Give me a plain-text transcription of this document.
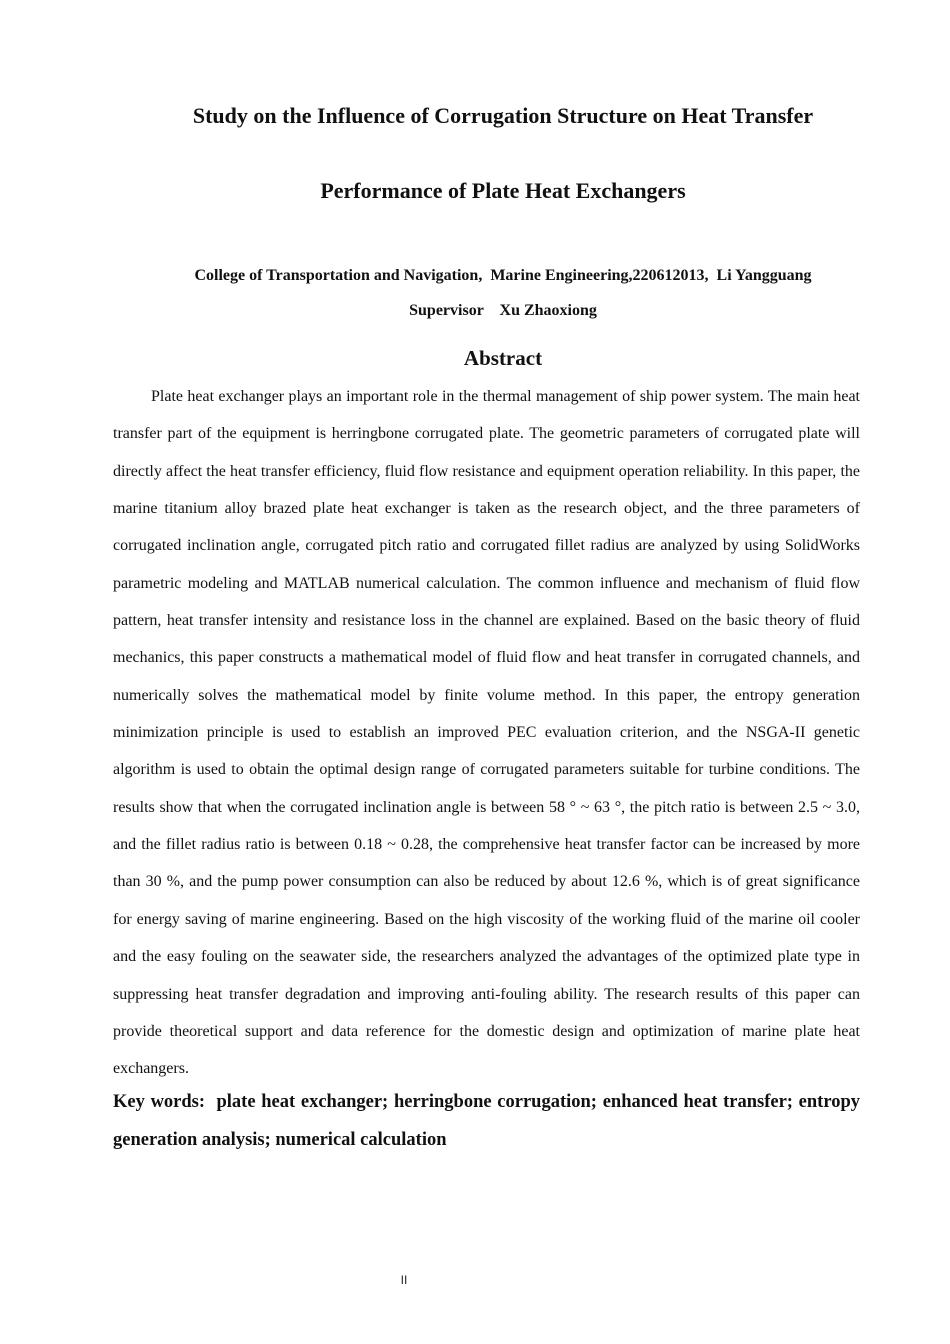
Study on the Influence of Corrugation Structure on Heat Transfer
Performance of Plate Heat Exchangers
College of Transportation and Navigation,  Marine Engineering,220612013,  Li Yangguang
Supervisor    Xu Zhaoxiong
Abstract

Plate heat exchanger plays an important role in the thermal management of ship power system. The main heat transfer part of the equipment is herringbone corrugated plate. The geometric parameters of corrugated plate will directly affect the heat transfer efficiency, fluid flow resistance and equipment operation reliability. In this paper, the marine titanium alloy brazed plate heat exchanger is taken as the research object, and the three parameters of corrugated inclination angle, corrugated pitch ratio and corrugated fillet radius are analyzed by using SolidWorks parametric modeling and MATLAB numerical calculation. The common influence and mechanism of fluid flow pattern, heat transfer intensity and resistance loss in the channel are explained. Based on the basic theory of fluid mechanics, this paper constructs a mathematical model of fluid flow and heat transfer in corrugated channels, and numerically solves the mathematical model by finite volume method. In this paper, the entropy generation minimization principle is used to establish an improved PEC evaluation criterion, and the NSGA-II genetic algorithm is used to obtain the optimal design range of corrugated parameters suitable for turbine conditions. The results show that when the corrugated inclination angle is between 58 ° ~ 63 °, the pitch ratio is between 2.5 ~ 3.0, and the fillet radius ratio is between 0.18 ~ 0.28, the comprehensive heat transfer factor can be increased by more than 30 %, and the pump power consumption can also be reduced by about 12.6 %, which is of great significance for energy saving of marine engineering. Based on the high viscosity of the working fluid of the marine oil cooler and the easy fouling on the seawater side, the researchers analyzed the advantages of the optimized plate type in suppressing heat transfer degradation and improving anti-fouling ability. The research results of this paper can provide theoretical support and data reference for the domestic design and optimization of marine plate heat exchangers.

Key words:  plate heat exchanger; herringbone corrugation; enhanced heat transfer; entropy generation analysis; numerical calculation

II
